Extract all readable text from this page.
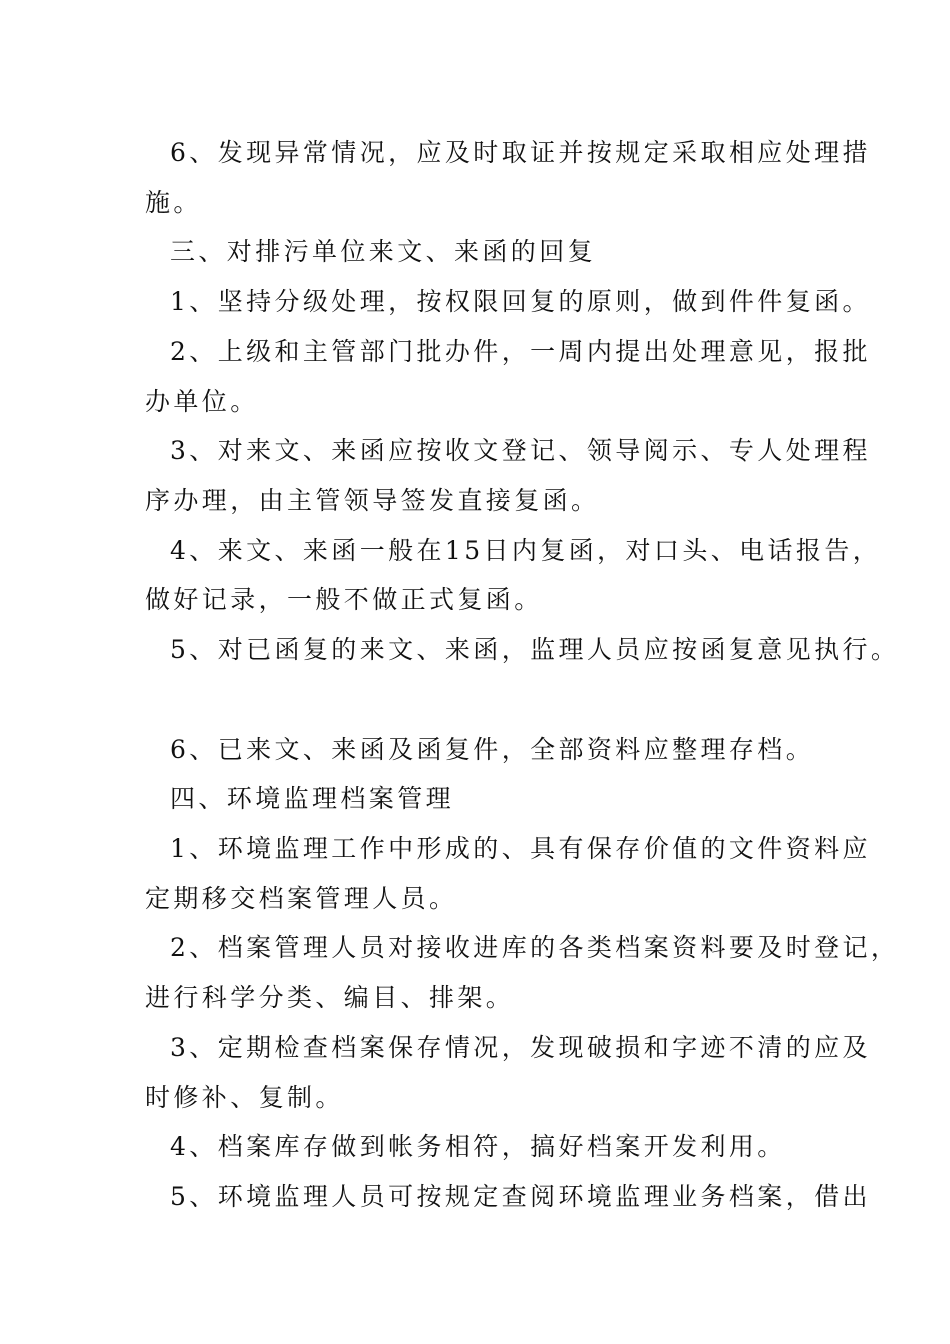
6、发现异常情况，应及时取证并按规定采取相应处理措
施。
三、对排污单位来文、来函的回复
1、坚持分级处理，按权限回复的原则，做到件件复函。
2、上级和主管部门批办件，一周内提出处理意见，报批
办单位。
3、对来文、来函应按收文登记、领导阅示、专人处理程
序办理，由主管领导签发直接复函。
4、来文、来函一般在15日内复函，对口头、电话报告，
做好记录，一般不做正式复函。
5、对已函复的来文、来函，监理人员应按函复意见执行。
6、已来文、来函及函复件，全部资料应整理存档。
四、环境监理档案管理
1、环境监理工作中形成的、具有保存价值的文件资料应
定期移交档案管理人员。
2、档案管理人员对接收进库的各类档案资料要及时登记，
进行科学分类、编目、排架。
3、定期检查档案保存情况，发现破损和字迹不清的应及
时修补、复制。
4、档案库存做到帐务相符，搞好档案开发利用。
5、环境监理人员可按规定查阅环境监理业务档案，借出
